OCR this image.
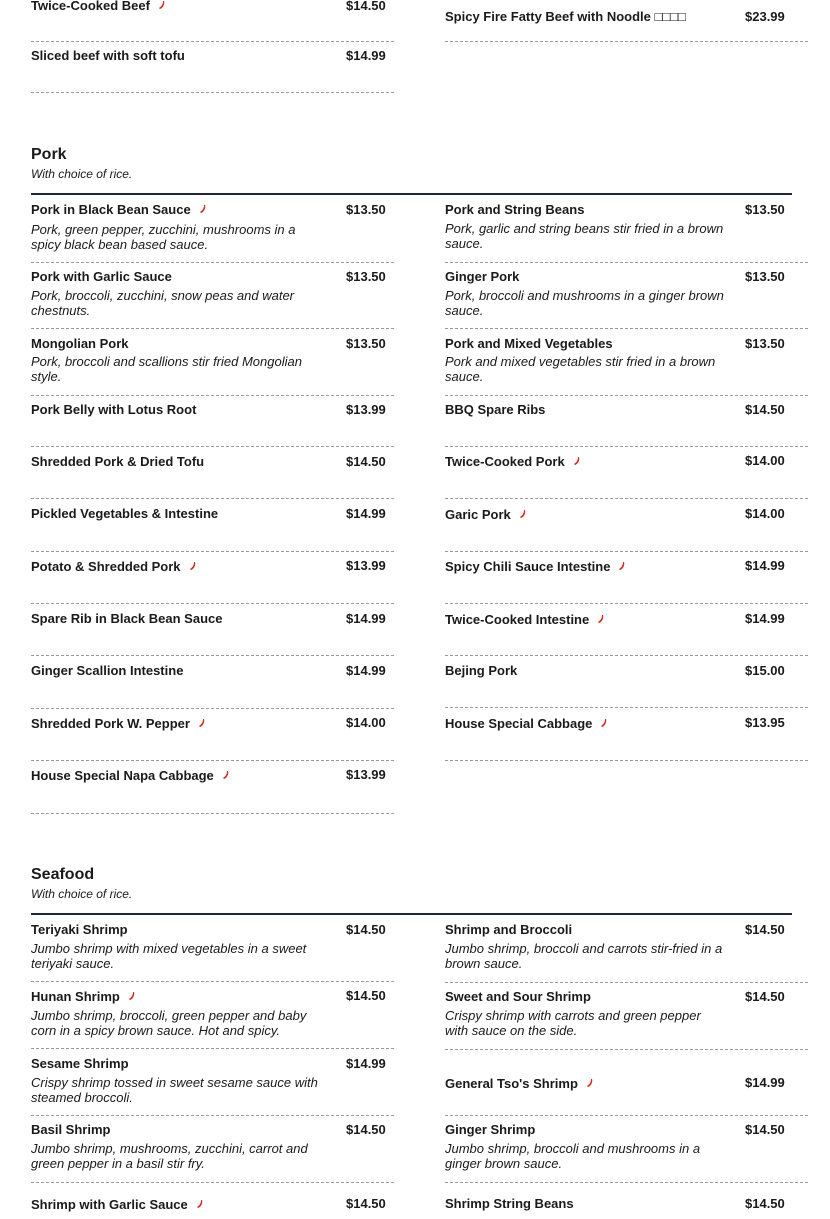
Twice-Cooked Beef	$14.50
Sliced beef with soft tofu	$14.99
Spicy Fire Fatty Beef with Noodle □□□□	$23.99
Pork
With choice of rice.
Pork in Black Bean Sauce	$13.50
Pork, green pepper, zucchini, mushrooms in a spicy black bean based sauce.
Pork with Garlic Sauce	$13.50
Pork, broccoli, zucchini, snow peas and water chestnuts.
Mongolian Pork	$13.50
Pork, broccoli and scallions stir fried Mongolian style.
Pork Belly with Lotus Root	$13.99
Shredded Pork & Dried Tofu	$14.50
Pickled Vegetables & Intestine	$14.99
Potato & Shredded Pork	$13.99
Spare Rib in Black Bean Sauce	$14.99
Ginger Scallion Intestine	$14.99
Shredded Pork W. Pepper	$14.00
House Special Napa Cabbage	$13.99
Pork and String Beans	$13.50
Pork, garlic and string beans stir fried in a brown sauce.
Ginger Pork	$13.50
Pork, broccoli and mushrooms in a ginger brown sauce.
Pork and Mixed Vegetables	$13.50
Pork and mixed vegetables stir fried in a brown sauce.
BBQ Spare Ribs	$14.50
Twice-Cooked Pork	$14.00
Garic Pork	$14.00
Spicy Chili Sauce Intestine	$14.99
Twice-Cooked Intestine	$14.99
Bejing Pork	$15.00
House Special Cabbage	$13.95
Seafood
With choice of rice.
Teriyaki Shrimp	$14.50
Jumbo shrimp with mixed vegetables in a sweet teriyaki sauce.
Hunan Shrimp	$14.50
Jumbo shrimp, broccoli, green pepper and baby corn in a spicy brown sauce. Hot and spicy.
Sesame Shrimp	$14.99
Crispy shrimp tossed in sweet sesame sauce with steamed broccoli.
Basil Shrimp	$14.50
Jumbo shrimp, mushrooms, zucchini, carrot and green pepper in a basil stir fry.
Shrimp with Garlic Sauce	$14.50
Shrimp and Broccoli	$14.50
Jumbo shrimp, broccoli and carrots stir-fried in a brown sauce.
Sweet and Sour Shrimp	$14.50
Crispy shrimp with carrots and green pepper with sauce on the side.
General Tso's Shrimp	$14.99
Ginger Shrimp	$14.50
Jumbo shrimp, broccoli and mushrooms in a ginger brown sauce.
Shrimp String Beans	$14.50
